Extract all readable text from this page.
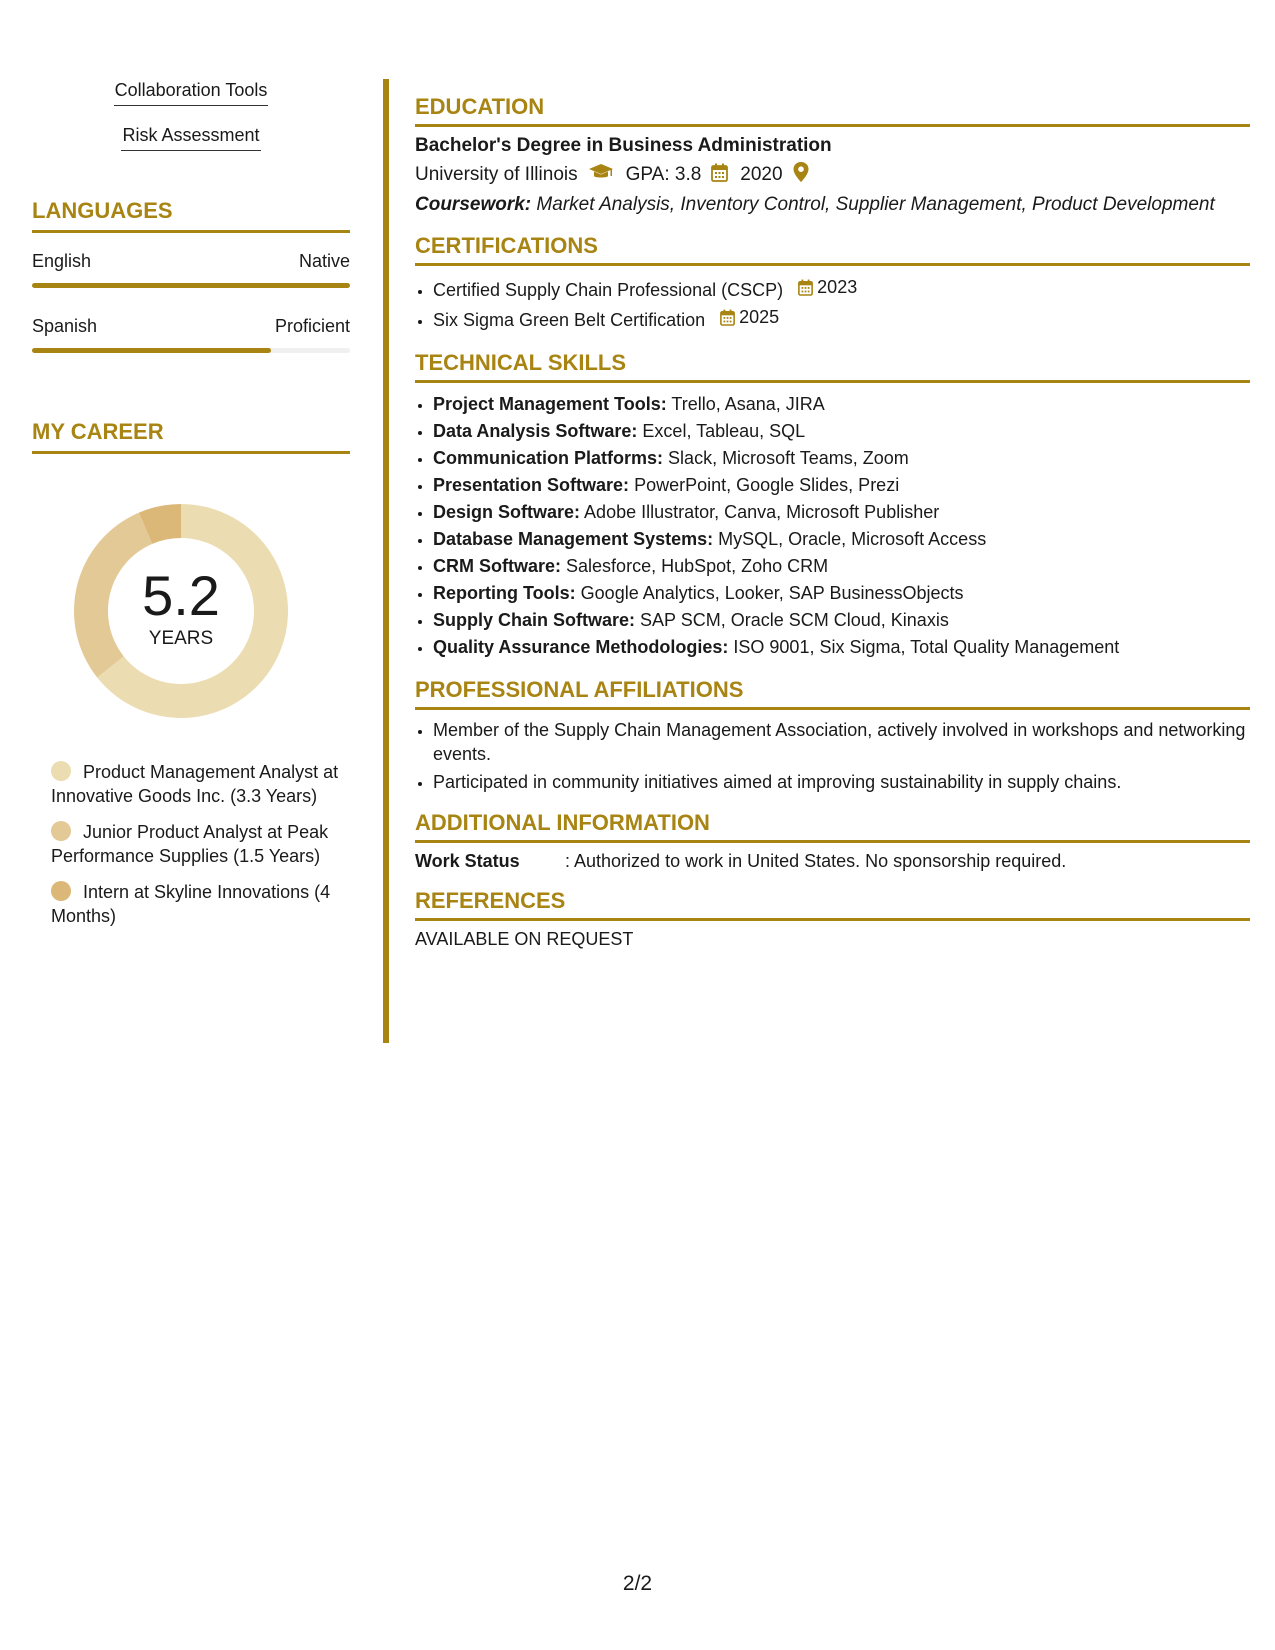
Collaboration Tools
Risk Assessment
LANGUAGES
English	Native
Spanish	Proficient
MY CAREER
5.2
YEARS
Product Management Analyst at Innovative Goods Inc. (3.3 Years)
Junior Product Analyst at Peak Performance Supplies (1.5 Years)
Intern at Skyline Innovations (4 Months)
EDUCATION
Bachelor's Degree in Business Administration
University of Illinois	GPA: 3.8 2020
Coursework: Market Analysis, Inventory Control, Supplier Management, Product Development
CERTIFICATIONS
• Certified Supply Chain Professional (CSCP) 2023
• Six Sigma Green Belt Certification 2025
TECHNICAL SKILLS
• Project Management Tools: Trello, Asana, JIRA
• Data Analysis Software: Excel, Tableau, SQL
• Communication Platforms: Slack, Microsoft Teams, Zoom
• Presentation Software: PowerPoint, Google Slides, Prezi
• Design Software: Adobe Illustrator, Canva, Microsoft Publisher
• Database Management Systems: MySQL, Oracle, Microsoft Access
• CRM Software: Salesforce, HubSpot, Zoho CRM
• Reporting Tools: Google Analytics, Looker, SAP BusinessObjects
• Supply Chain Software: SAP SCM, Oracle SCM Cloud, Kinaxis
• Quality Assurance Methodologies: ISO 9001, Six Sigma, Total Quality Management
PROFESSIONAL AFFILIATIONS
• Member of the Supply Chain Management Association, actively involved in workshops and networking events.
• Participated in community initiatives aimed at improving sustainability in supply chains.
ADDITIONAL INFORMATION
Work Status	: Authorized to work in United States. No sponsorship required.
REFERENCES
AVAILABLE ON REQUEST
2/2
